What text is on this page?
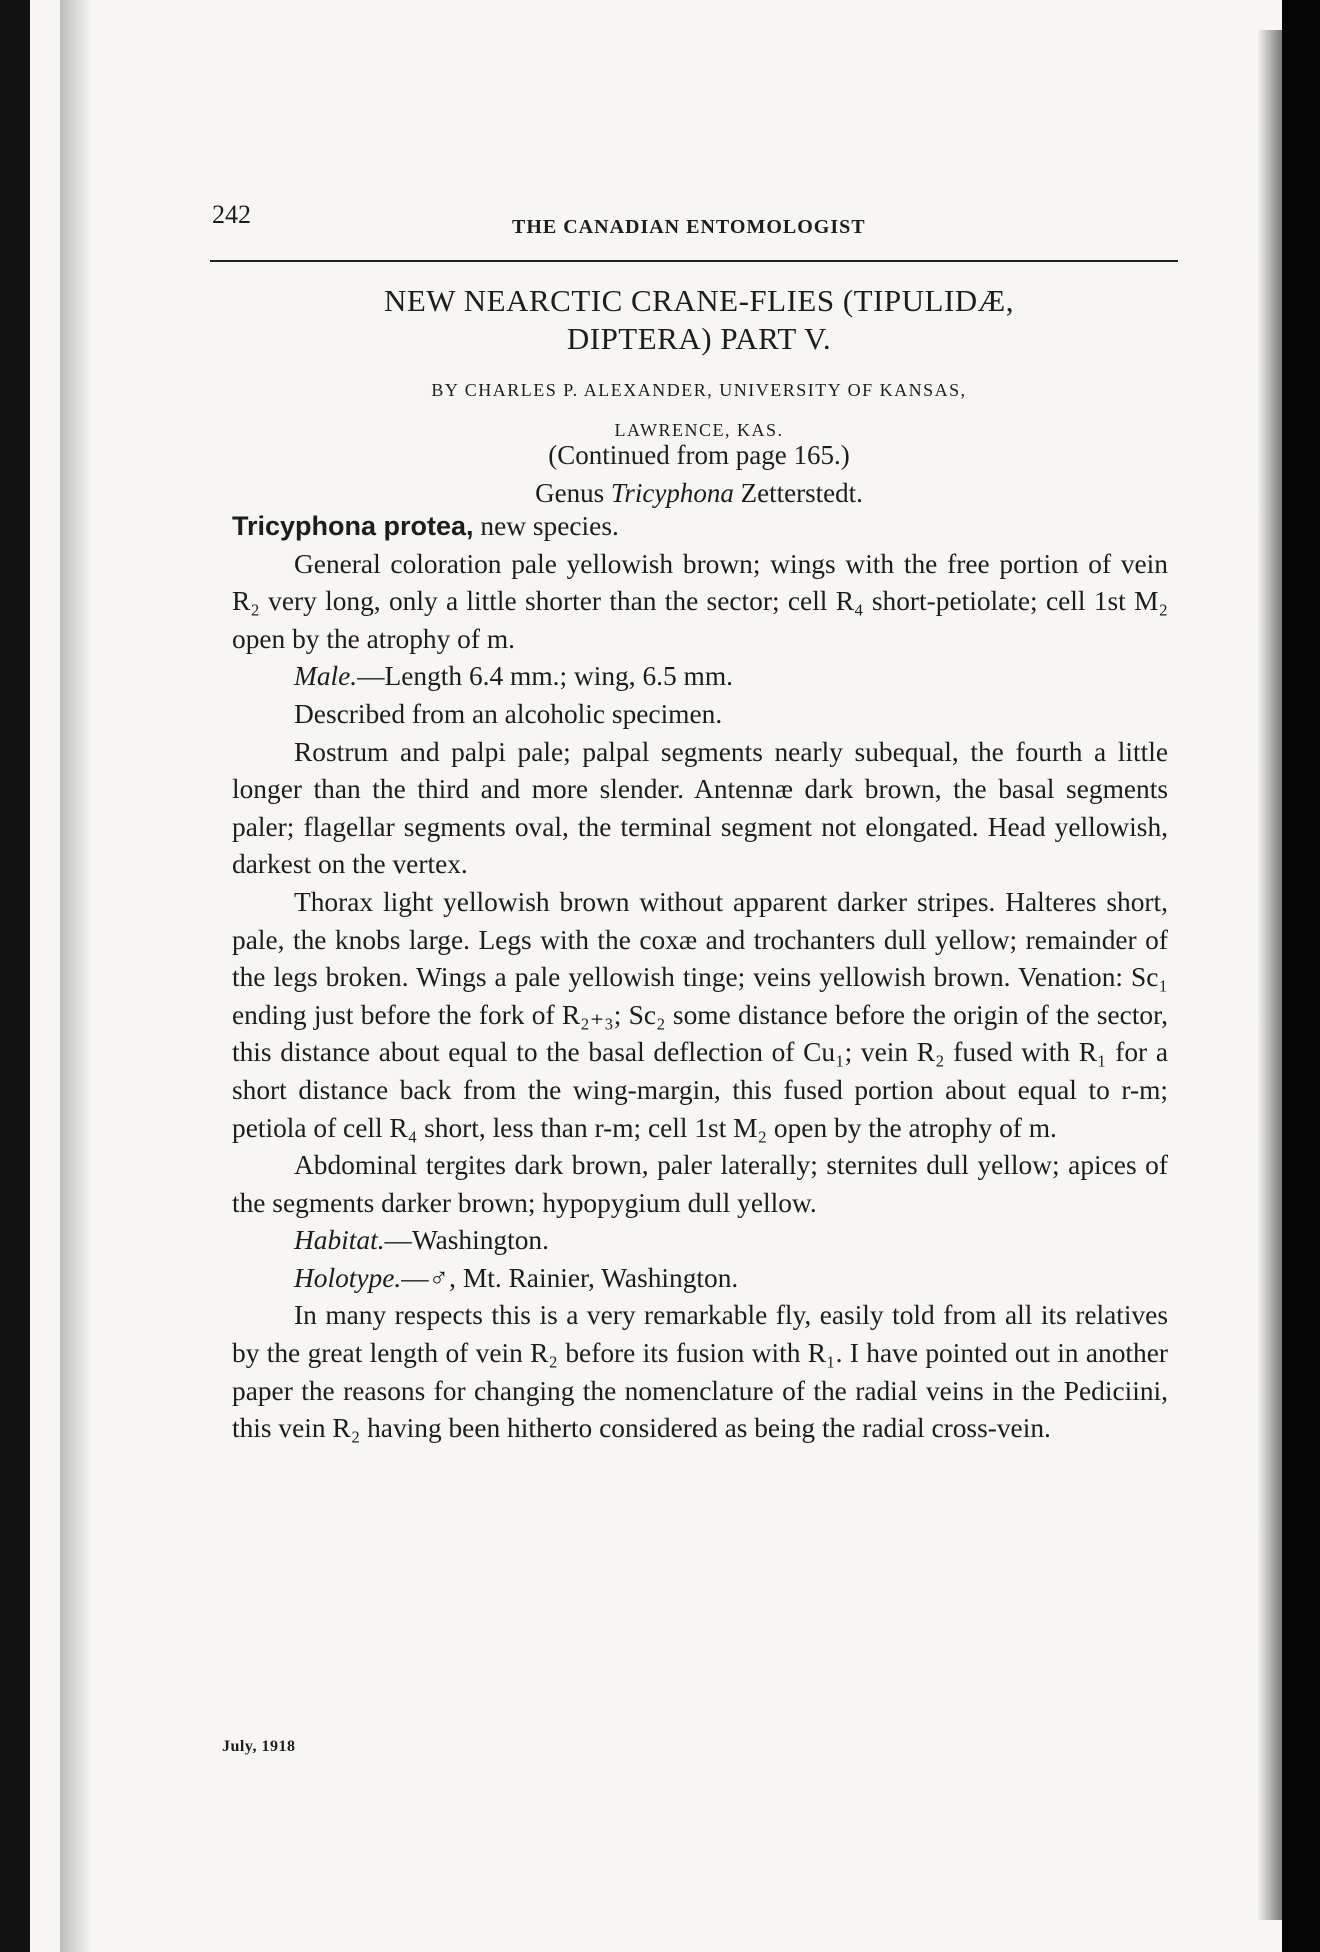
242	THE CANADIAN ENTOMOLOGIST
NEW NEARCTIC CRANE-FLIES (TIPULIDÆ,
DIPTERA) PART V.
BY CHARLES P. ALEXANDER, UNIVERSITY OF KANSAS,
LAWRENCE, KAS.
(Continued from page 165.)
Genus Tricyphona Zetterstedt.

Tricyphona protea, new species.

General coloration pale yellowish brown; wings with the free portion of vein R₂ very long, only a little shorter than the sector; cell R₄ short-petiolate; cell 1st M₂ open by the atrophy of m.

Male.—Length 6.4 mm.; wing, 6.5 mm.

Described from an alcoholic specimen.

Rostrum and palpi pale; palpal segments nearly subequal, the fourth a little longer than the third and more slender. Antennæ dark brown, the basal segments paler; flagellar segments oval, the terminal segment not elongated. Head yellowish, darkest on the vertex.

Thorax light yellowish brown without apparent darker stripes. Halteres short, pale, the knobs large. Legs with the coxæ and trochanters dull yellow; remainder of the legs broken. Wings a pale yellowish tinge; veins yellowish brown. Venation: Sc₁ ending just before the fork of R₂₊₃; Sc₂ some distance before the origin of the sector, this distance about equal to the basal deflection of Cu₁; vein R₂ fused with R₁ for a short distance back from the wing-margin, this fused portion about equal to r-m; petiola of cell R₄ short, less than r-m; cell 1st M₂ open by the atrophy of m.

Abdominal tergites dark brown, paler laterally; sternites dull yellow; apices of the segments darker brown; hypopygium dull yellow.

Habitat.—Washington.

Holotype.—♂, Mt. Rainier, Washington.

In many respects this is a very remarkable fly, easily told from all its relatives by the great length of vein R₂ before its fusion with R₁. I have pointed out in another paper the reasons for changing the nomenclature of the radial veins in the Pediciini, this vein R₂ having been hitherto considered as being the radial cross-vein.

July, 1918
